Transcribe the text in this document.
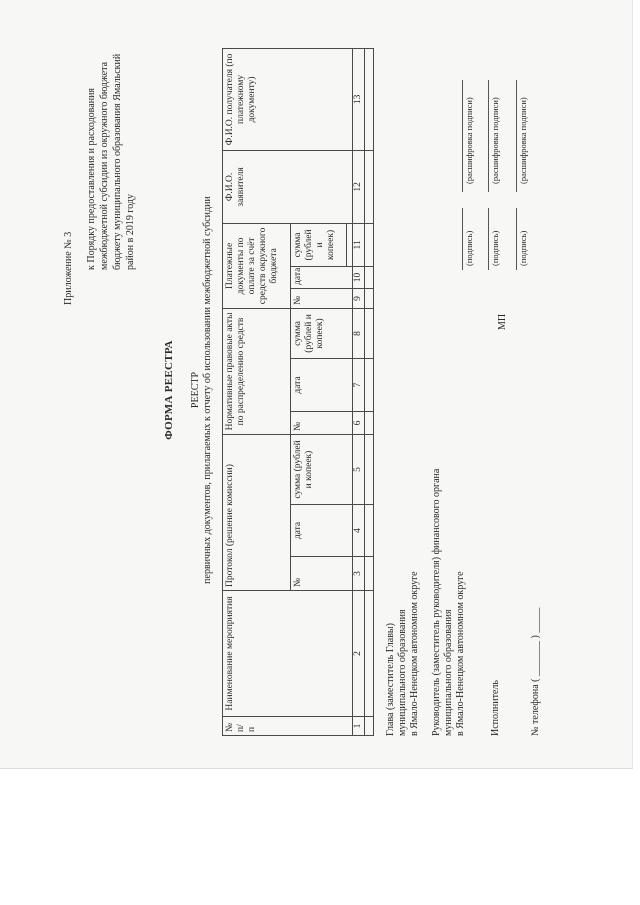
Приложение № 3 к Порядку предоставления и расходования межбюджетной субсидии из окружного бюджета бюджету муниципального образования Ямальский район в 2019 году
ФОРМА РЕЕСТРА РЕЕСТР первичных документов, прилагаемых к отчету об использовании межбюджетной субсидии
№ п/п	Наименование мероприятия	Протокол (решение комиссии)			Нормативные правовые акты по распределению средств			Платежные документы по оплате за счёт средств окружного бюджета			Ф.И.О. заявителя	Ф.И.О. получателя (по платежному документу)
		№	дата	сумма (рублей и копеек)	№	дата	сумма (рублей и копеек)	№	дата	сумма (рублей и копеек)		

1	2	3	4	5	6	7	8	9	10	11	12	13

Глава (заместитель Главы) муниципального образования в Ямало-Ненецком автономном округе Руководитель (заместитель руководителя) финансового органа муниципального образования в Ямало-Ненецком автономном округе Исполнитель	№ телефона ( _______ ) _____
(подпись)
(расшифровка подписи)
(подпись)
(расшифровка подписи)
МП
(подпись)
(расшифровка подписи)
